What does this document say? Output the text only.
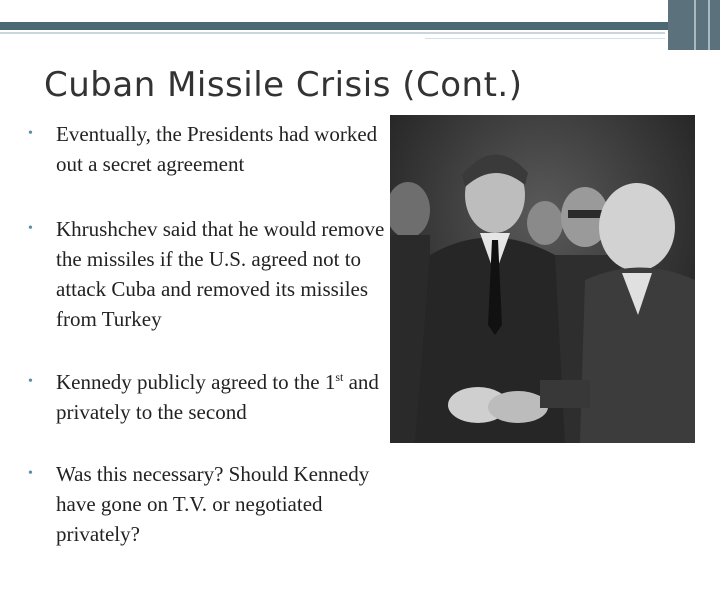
Cuban Missile Crisis (Cont.)
• Eventually, the Presidents had worked out a secret agreement
• Khrushchev said that he would remove the missiles if the U.S. agreed not to attack Cuba and removed its missiles from Turkey
• Kennedy publicly agreed to the 1st and privately to the second
• Was this necessary? Should Kennedy have gone on T.V. or negotiated privately?
